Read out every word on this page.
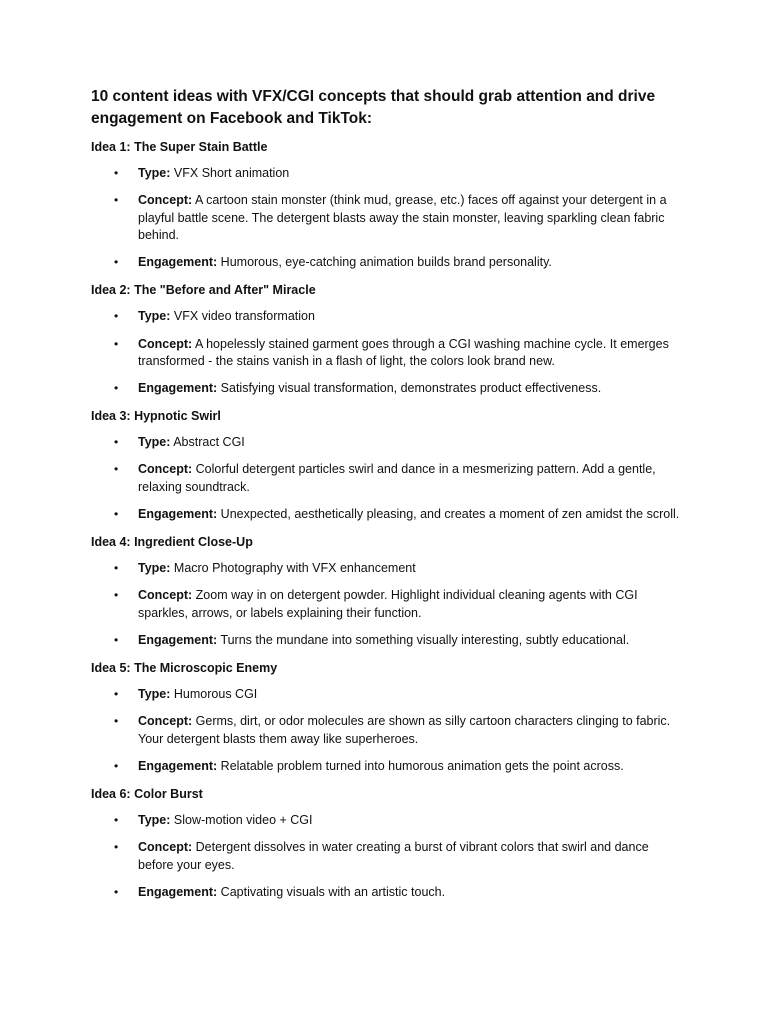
10 content ideas with VFX/CGI concepts that should grab attention and drive engagement on Facebook and TikTok:
Idea 1: The Super Stain Battle
• Type: VFX Short animation
• Concept: A cartoon stain monster (think mud, grease, etc.) faces off against your detergent in a playful battle scene. The detergent blasts away the stain monster, leaving sparkling clean fabric behind.
• Engagement: Humorous, eye-catching animation builds brand personality.
Idea 2: The "Before and After" Miracle
• Type: VFX video transformation
• Concept: A hopelessly stained garment goes through a CGI washing machine cycle. It emerges transformed - the stains vanish in a flash of light, the colors look brand new.
• Engagement: Satisfying visual transformation, demonstrates product effectiveness.
Idea 3: Hypnotic Swirl
• Type: Abstract CGI
• Concept: Colorful detergent particles swirl and dance in a mesmerizing pattern. Add a gentle, relaxing soundtrack.
• Engagement: Unexpected, aesthetically pleasing, and creates a moment of zen amidst the scroll.
Idea 4: Ingredient Close-Up
• Type: Macro Photography with VFX enhancement
• Concept: Zoom way in on detergent powder. Highlight individual cleaning agents with CGI sparkles, arrows, or labels explaining their function.
• Engagement: Turns the mundane into something visually interesting, subtly educational.
Idea 5: The Microscopic Enemy
• Type: Humorous CGI
• Concept: Germs, dirt, or odor molecules are shown as silly cartoon characters clinging to fabric. Your detergent blasts them away like superheroes.
• Engagement: Relatable problem turned into humorous animation gets the point across.
Idea 6: Color Burst
• Type: Slow-motion video + CGI
• Concept: Detergent dissolves in water creating a burst of vibrant colors that swirl and dance before your eyes.
• Engagement: Captivating visuals with an artistic touch.
